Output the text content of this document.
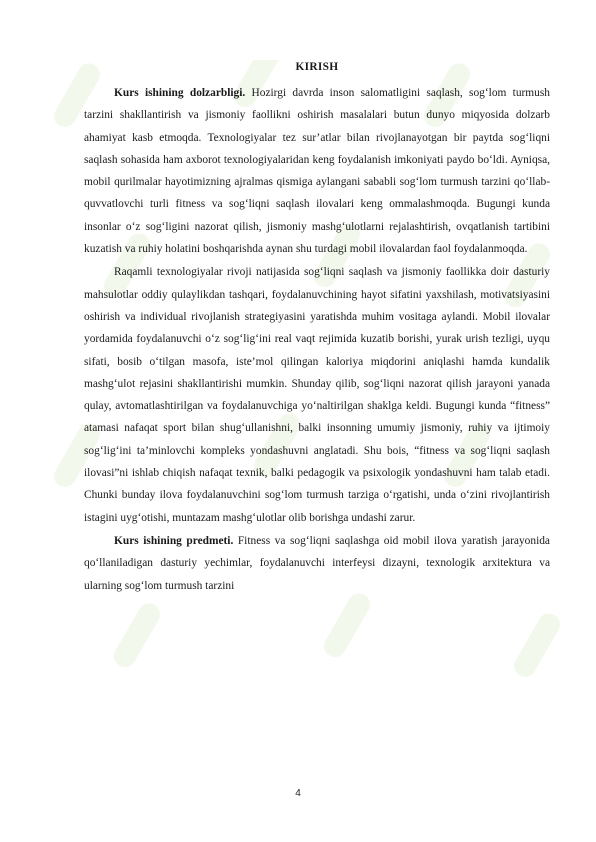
KIRISH

Kurs ishining dolzarbligi. Hozirgi davrda inson salomatligini saqlash, sog‘lom turmush tarzini shakllantirish va jismoniy faollikni oshirish masalalari butun dunyo miqyosida dolzarb ahamiyat kasb etmoqda. Texnologiyalar tez sur’atlar bilan rivojlanayotgan bir paytda sog‘liqni saqlash sohasida ham axborot texnologiyalaridan keng foydalanish imkoniyati paydo bo‘ldi. Ayniqsa, mobil qurilmalar hayotimizning ajralmas qismiga aylangani sababli sog‘lom turmush tarzini qo‘llab-quvvatlovchi turli fitness va sog‘liqni saqlash ilovalari keng ommalashmoqda. Bugungi kunda insonlar o‘z sog‘ligini nazorat qilish, jismoniy mashg‘ulotlarni rejalashtirish, ovqatlanish tartibini kuzatish va ruhiy holatini boshqarishda aynan shu turdagi mobil ilovalardan faol foydalanmoqda.

Raqamli texnologiyalar rivoji natijasida sog‘liqni saqlash va jismoniy faollikka doir dasturiy mahsulotlar oddiy qulaylikdan tashqari, foydalanuvchining hayot sifatini yaxshilash, motivatsiyasini oshirish va individual rivojlanish strategiyasini yaratishda muhim vositaga aylandi. Mobil ilovalar yordamida foydalanuvchi o‘z sog‘lig‘ini real vaqt rejimida kuzatib borishi, yurak urish tezligi, uyqu sifati, bosib o‘tilgan masofa, iste’mol qilingan kaloriya miqdorini aniqlashi hamda kundalik mashg‘ulot rejasini shakllantirishi mumkin. Shunday qilib, sog‘liqni nazorat qilish jarayoni yanada qulay, avtomatlashtirilgan va foydalanuvchiga yo‘naltirilgan shaklga keldi. Bugungi kunda “fitness” atamasi nafaqat sport bilan shug‘ullanishni, balki insonning umumiy jismoniy, ruhiy va ijtimoiy sog‘lig‘ini ta’minlovchi kompleks yondashuvni anglatadi. Shu bois, “fitness va sog‘liqni saqlash ilovasi”ni ishlab chiqish nafaqat texnik, balki pedagogik va psixologik yondashuvni ham talab etadi. Chunki bunday ilova foydalanuvchini sog‘lom turmush tarziga o‘rgatishi, unda o‘zini rivojlantirish istagini uyg‘otishi, muntazam mashg‘ulotlar olib borishga undashi zarur.

Kurs ishining predmeti. Fitness va sog‘liqni saqlashga oid mobil ilova yaratish jarayonida qo‘llaniladigan dasturiy yechimlar, foydalanuvchi interfeysi dizayni, texnologik arxitektura va ularning sog‘lom turmush tarzini

4
